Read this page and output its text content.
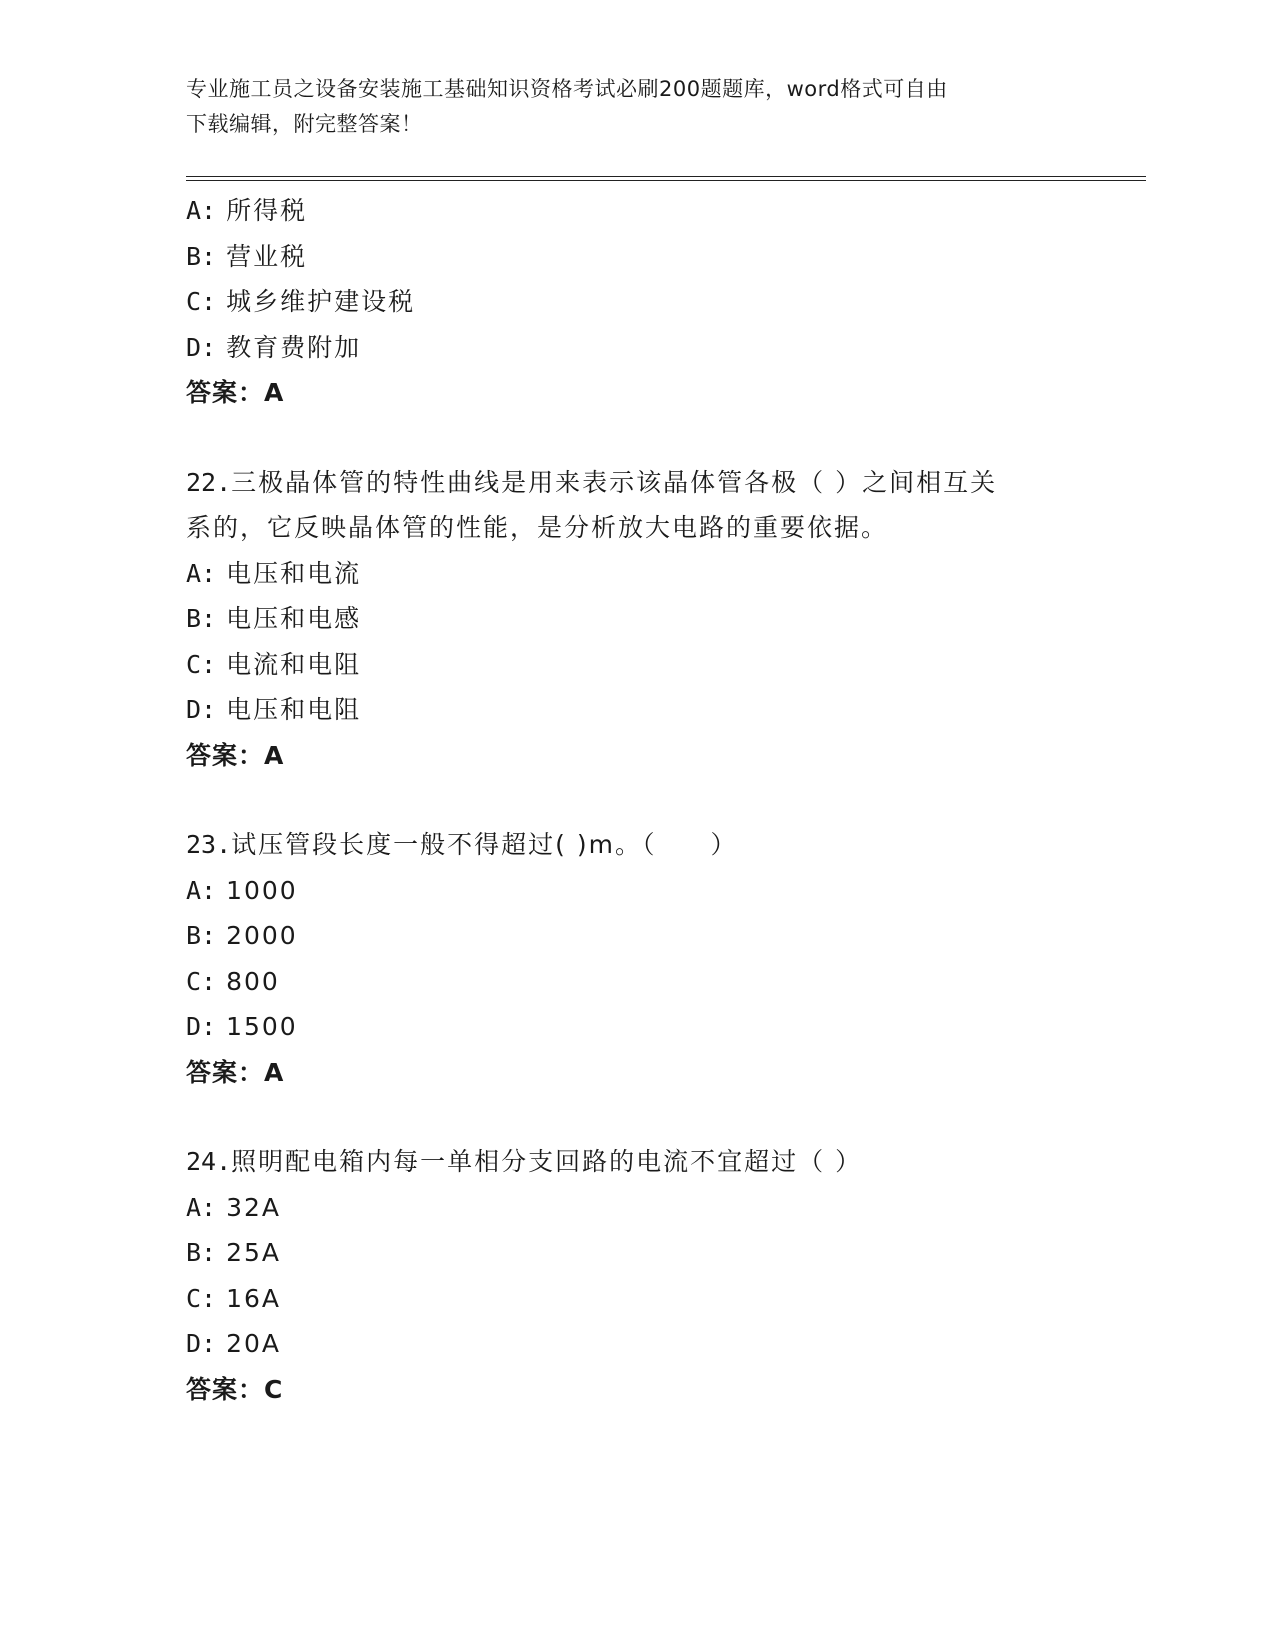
专业施工员之设备安装施工基础知识资格考试必刷200题题库，word格式可自由
下载编辑，附完整答案！
A: 所得税
B: 营业税
C: 城乡维护建设税
D: 教育费附加
答案：A
22.三极晶体管的特性曲线是用来表示该晶体管各极（ ）之间相互关
系的，它反映晶体管的性能，是分析放大电路的重要依据。
A: 电压和电流
B: 电压和电感
C: 电流和电阻
D: 电压和电阻
答案：A
23.试压管段长度一般不得超过( )m。（　　）
A: 1000
B: 2000
C: 800
D: 1500
答案：A
24.照明配电箱内每一单相分支回路的电流不宜超过（ ）
A: 32A
B: 25A
C: 16A
D: 20A
答案：C
